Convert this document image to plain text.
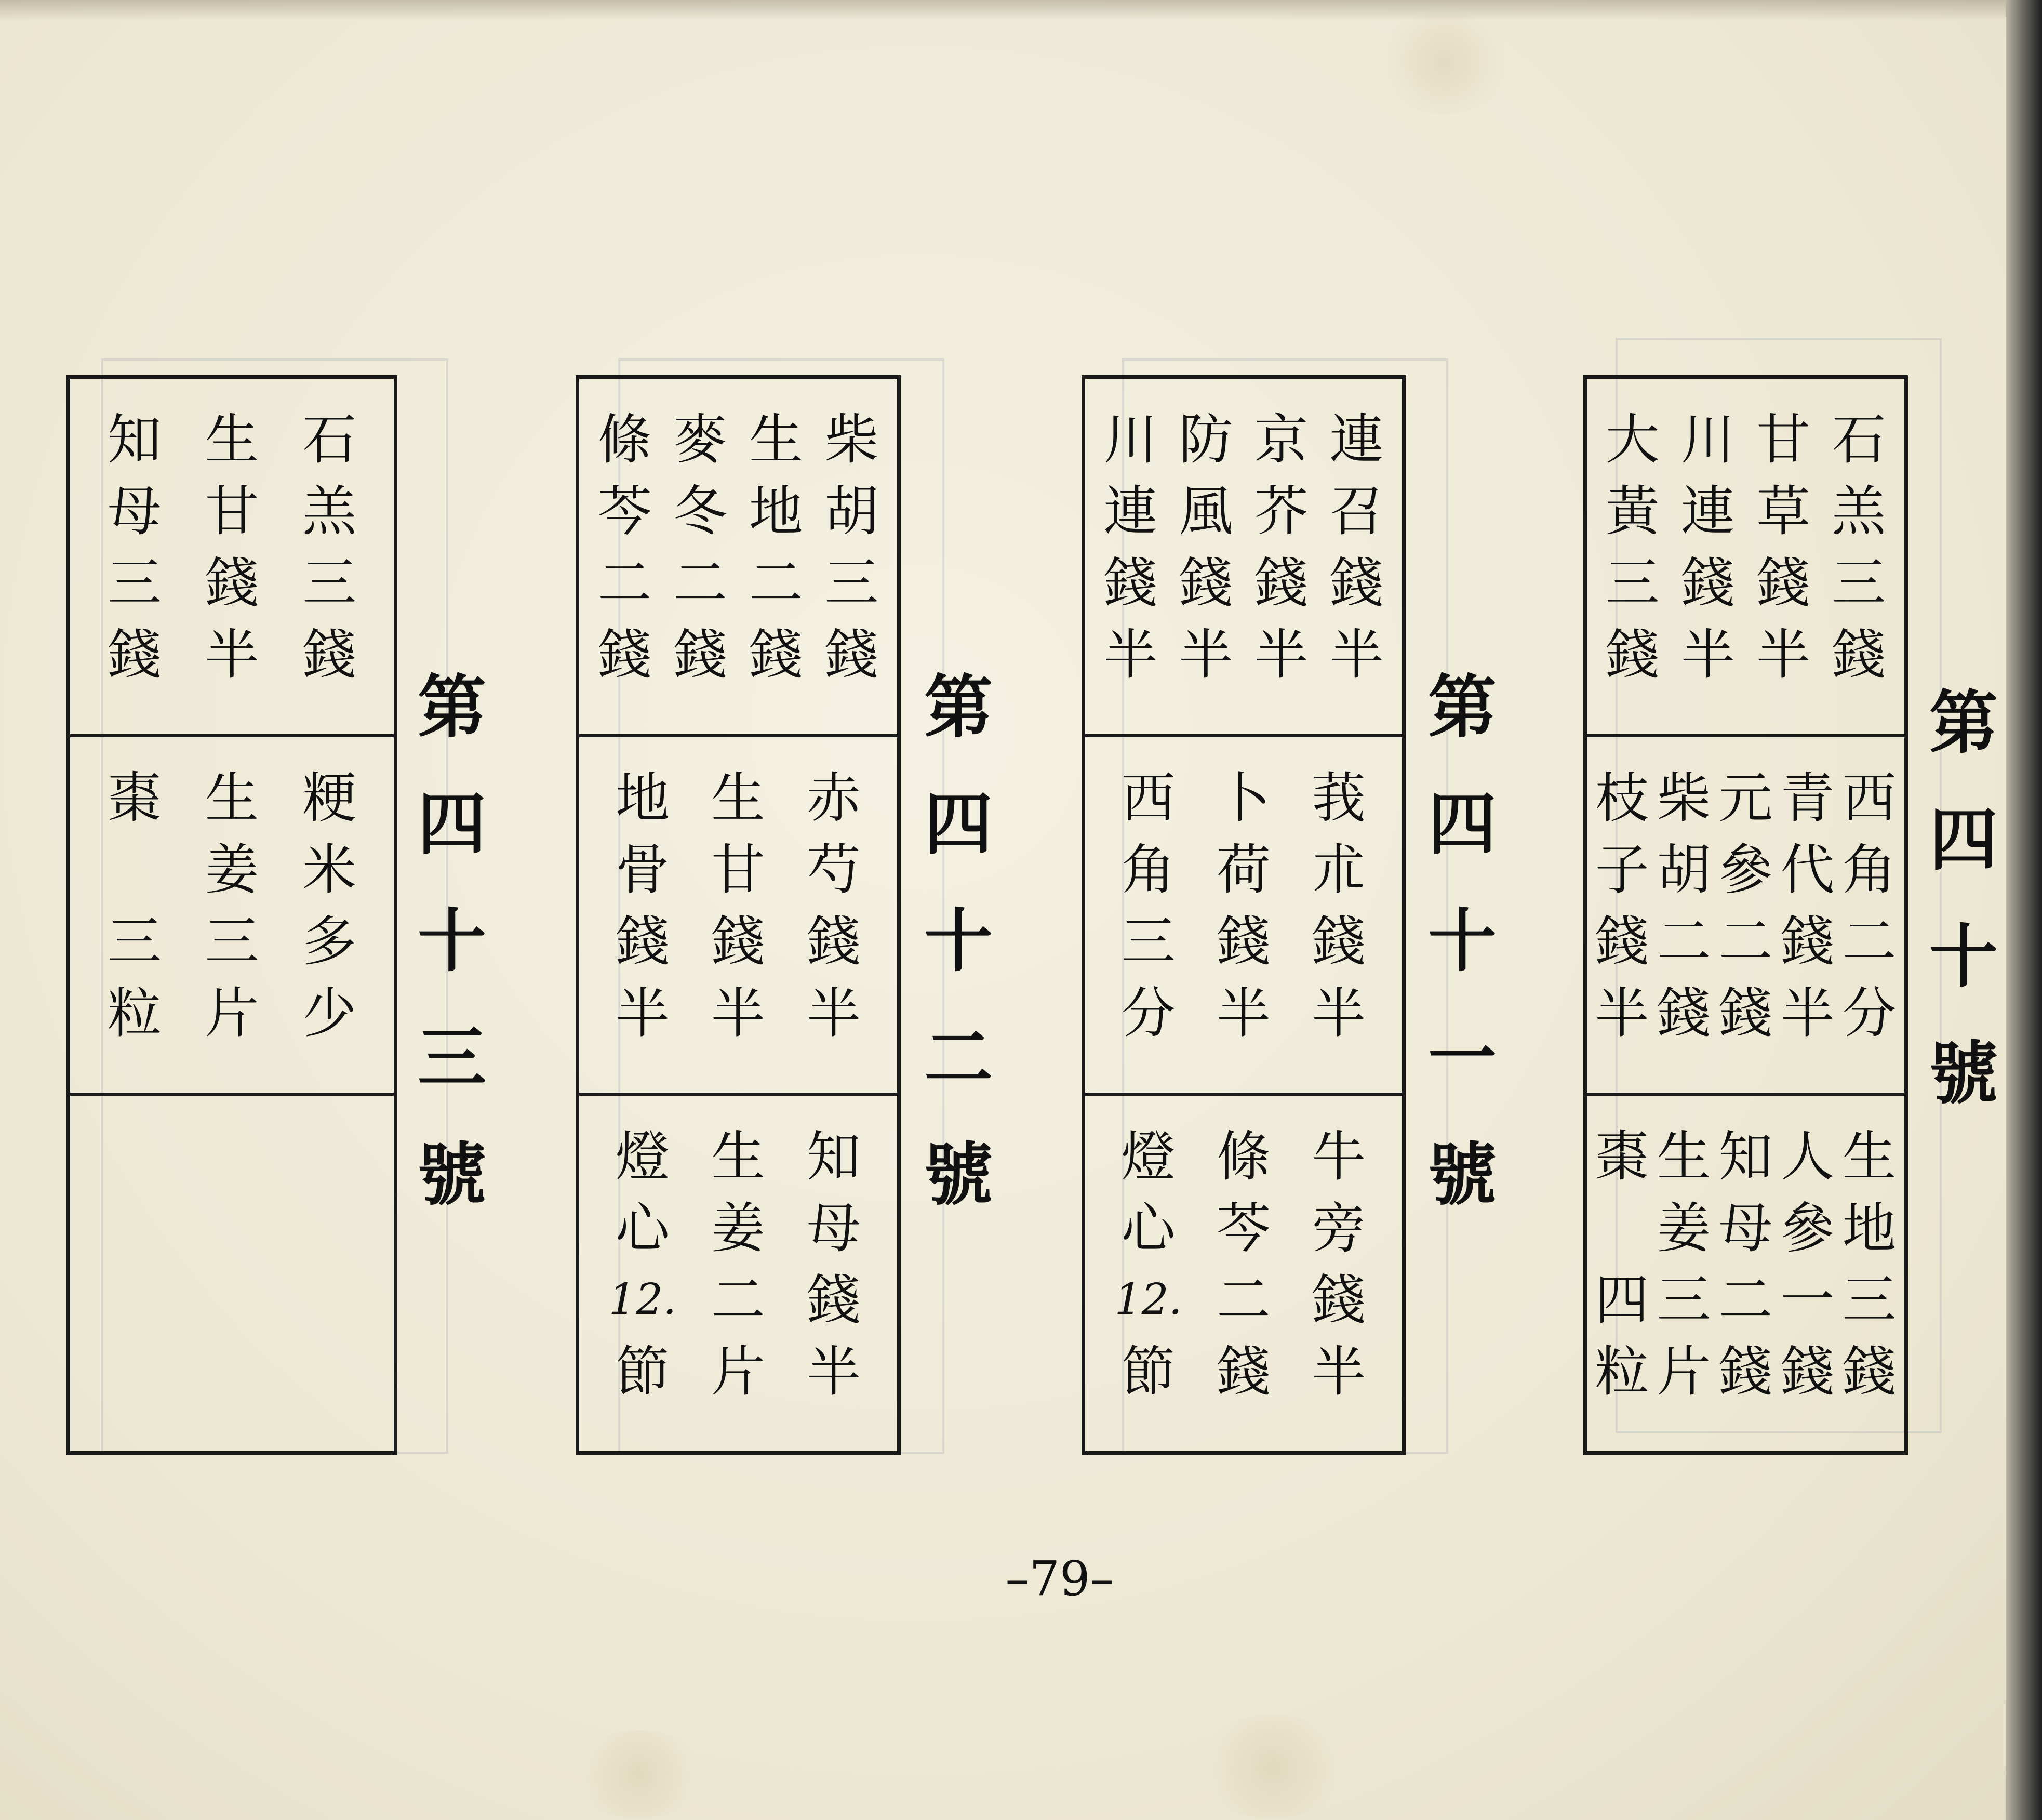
第
四
十
號
石
羔
三
錢
甘
草
錢
半
川
連
錢
半
大
黃
三
錢
西
角
二
分
青
代
錢
半
元
參
二
錢
柴
胡
二
錢
枝
子
錢
半
生
地
三
錢
人
參
一
錢
知
母
二
錢
生
姜
三
片
棗
四
粒
第
四
十
一
號
連
召
錢
半
京
芥
錢
半
防
風
錢
半
川
連
錢
半
莪
朮
錢
半
卜
荷
錢
半
西
角
三
分
牛
旁
錢
半
條
芩
二
錢
燈
心
12.
節
第
四
十
二
號
柴
胡
三
錢
生
地
二
錢
麥
冬
二
錢
條
芩
二
錢
赤
芍
錢
半
生
甘
錢
半
地
骨
錢
半
知
母
錢
半
生
姜
二
片
燈
心
12.
節
第
四
十
三
號
石
羔
三
錢
生
甘
錢
半
知
母
三
錢
粳
米
多
少
生
姜
三
片
棗
三
粒
–79–
